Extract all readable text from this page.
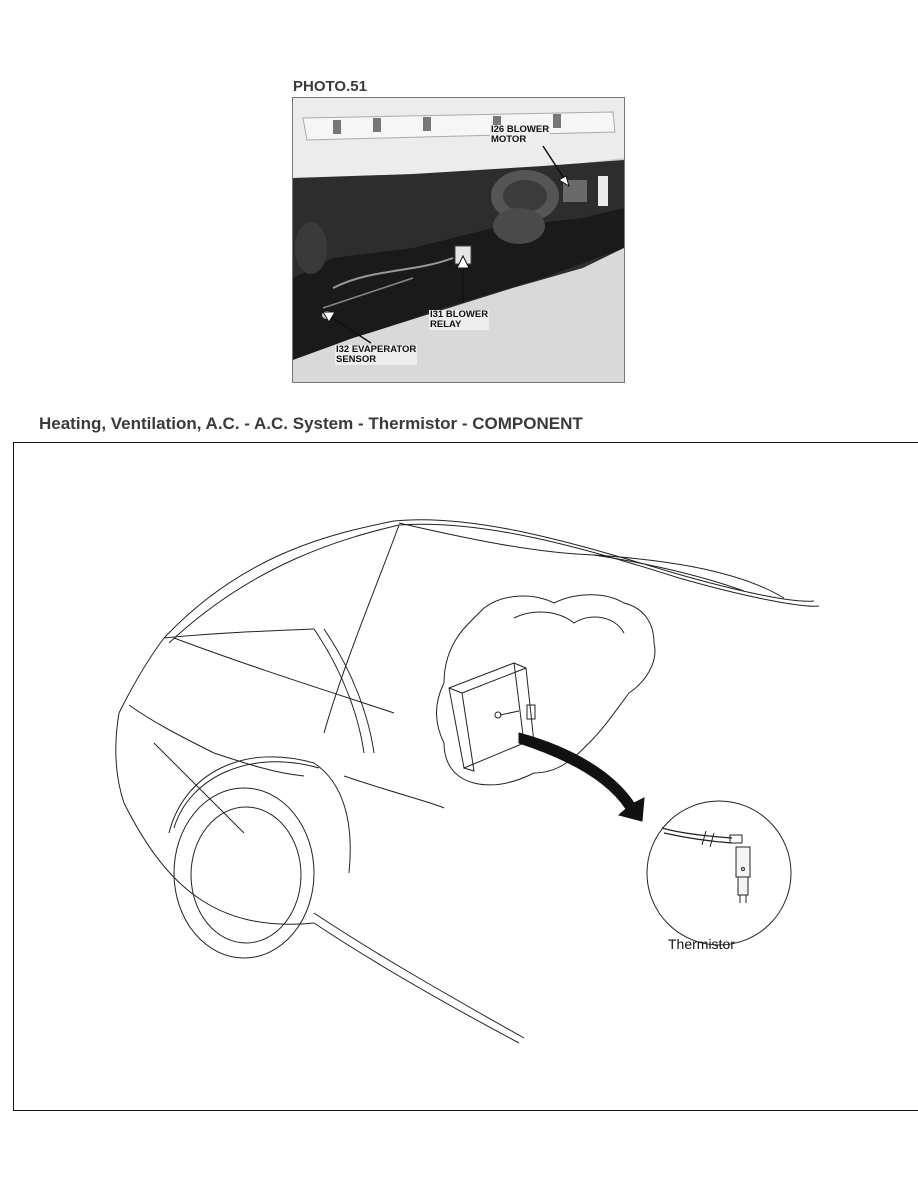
PHOTO.51
I26 BLOWER
MOTOR
I31 BLOWER
RELAY
I32 EVAPERATOR
SENSOR
Heating, Ventilation, A.C. - A.C. System - Thermistor - COMPONENT
Thermistor
